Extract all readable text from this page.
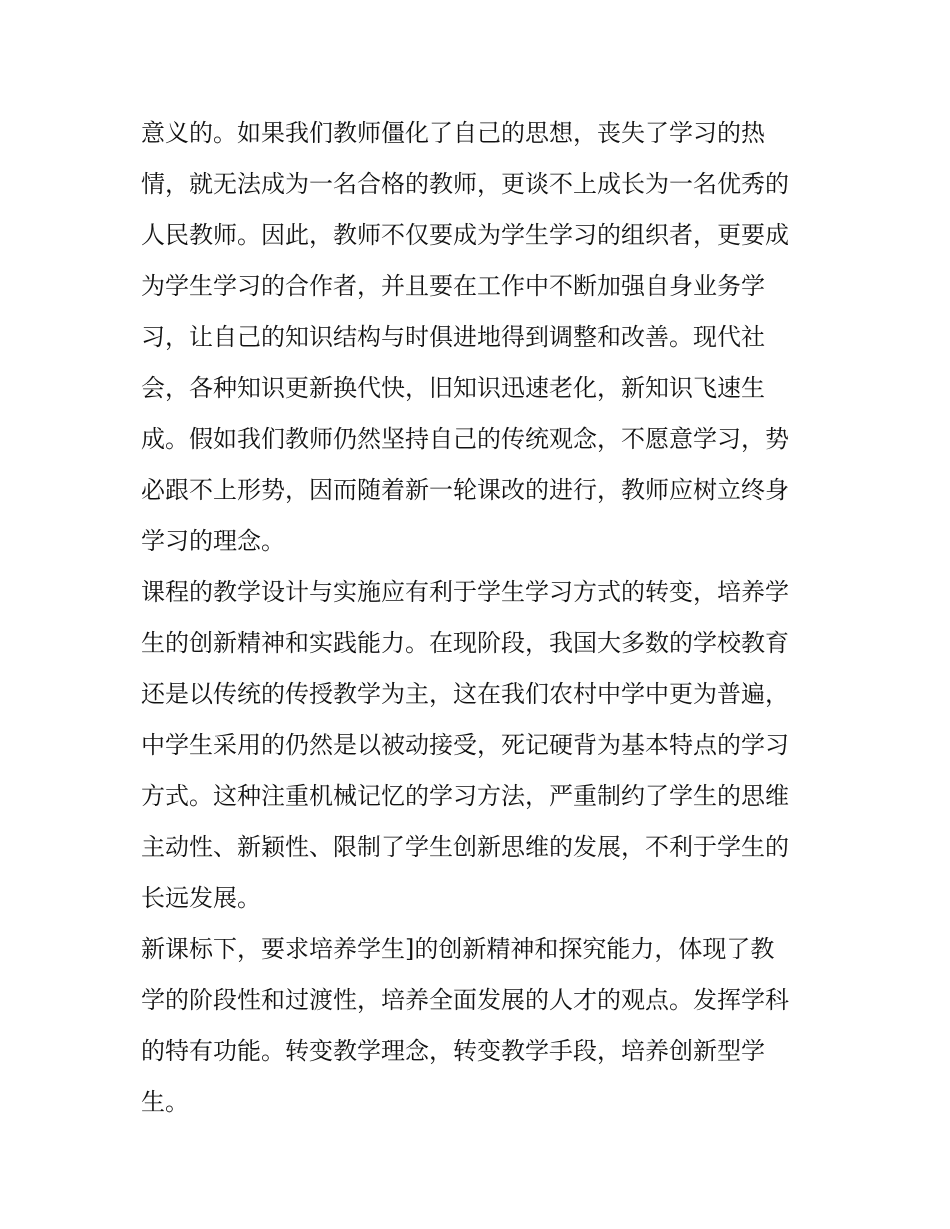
意义的。如果我们教师僵化了自己的思想，丧失了学习的热
情，就无法成为一名合格的教师，更谈不上成长为一名优秀的
人民教师。因此，教师不仅要成为学生学习的组织者，更要成
为学生学习的合作者，并且要在工作中不断加强自身业务学
习，让自己的知识结构与时俱进地得到调整和改善。现代社
会，各种知识更新换代快，旧知识迅速老化，新知识飞速生
成。假如我们教师仍然坚持自己的传统观念，不愿意学习，势
必跟不上形势，因而随着新一轮课改的进行，教师应树立终身
学习的理念。

课程的教学设计与实施应有利于学生学习方式的转变，培养学
生的创新精神和实践能力。在现阶段，我国大多数的学校教育
还是以传统的传授教学为主，这在我们农村中学中更为普遍，
中学生采用的仍然是以被动接受，死记硬背为基本特点的学习
方式。这种注重机械记忆的学习方法，严重制约了学生的思维
主动性、新颖性、限制了学生创新思维的发展，不利于学生的
长远发展。

新课标下，要求培养学生]的创新精神和探究能力，体现了教
学的阶段性和过渡性，培养全面发展的人才的观点。发挥学科
的特有功能。转变教学理念，转变教学手段，培养创新型学
生。
